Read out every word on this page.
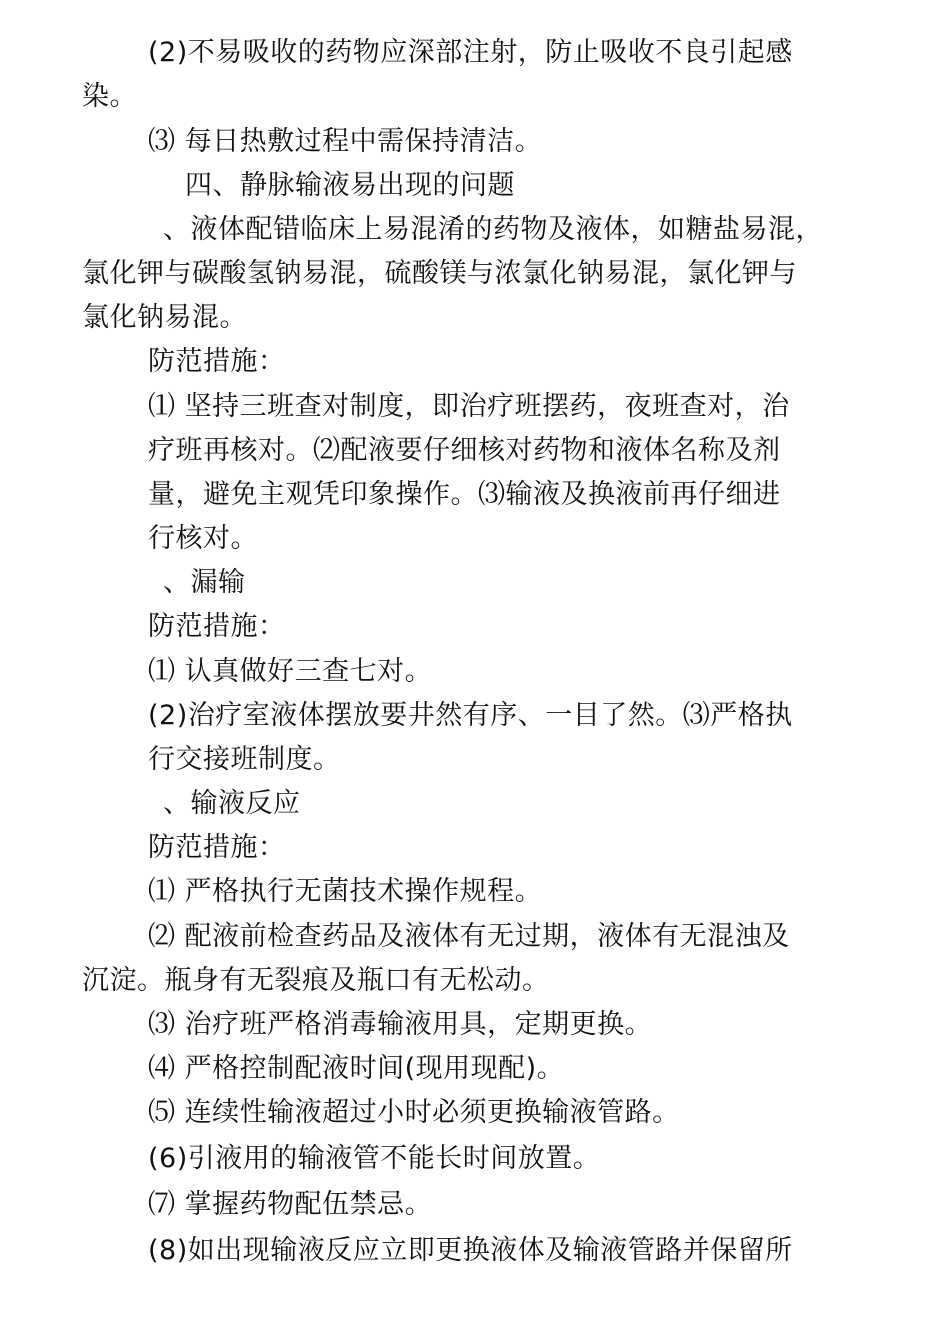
(2)不易吸收的药物应深部注射，防止吸收不良引起感
染。
⑶ 每日热敷过程中需保持清洁。
四、静脉输液易出现的问题
、液体配错临床上易混淆的药物及液体，如糖盐易混，
氯化钾与碳酸氢钠易混，硫酸镁与浓氯化钠易混，氯化钾与
氯化钠易混。
防范措施：
⑴ 坚持三班查对制度，即治疗班摆药，夜班查对，治
疗班再核对。⑵配液要仔细核对药物和液体名称及剂
量，避免主观凭印象操作。⑶输液及换液前再仔细进
行核对。
、漏输
防范措施：
⑴ 认真做好三查七对。
(2)治疗室液体摆放要井然有序、一目了然。⑶严格执
行交接班制度。
、输液反应
防范措施：
⑴ 严格执行无菌技术操作规程。
⑵ 配液前检查药品及液体有无过期，液体有无混浊及
沉淀。瓶身有无裂痕及瓶口有无松动。
⑶ 治疗班严格消毒输液用具，定期更换。
⑷ 严格控制配液时间(现用现配)。
⑸ 连续性输液超过小时必须更换输液管路。
(6)引液用的输液管不能长时间放置。
⑺ 掌握药物配伍禁忌。
(8)如出现输液反应立即更换液体及输液管路并保留所
